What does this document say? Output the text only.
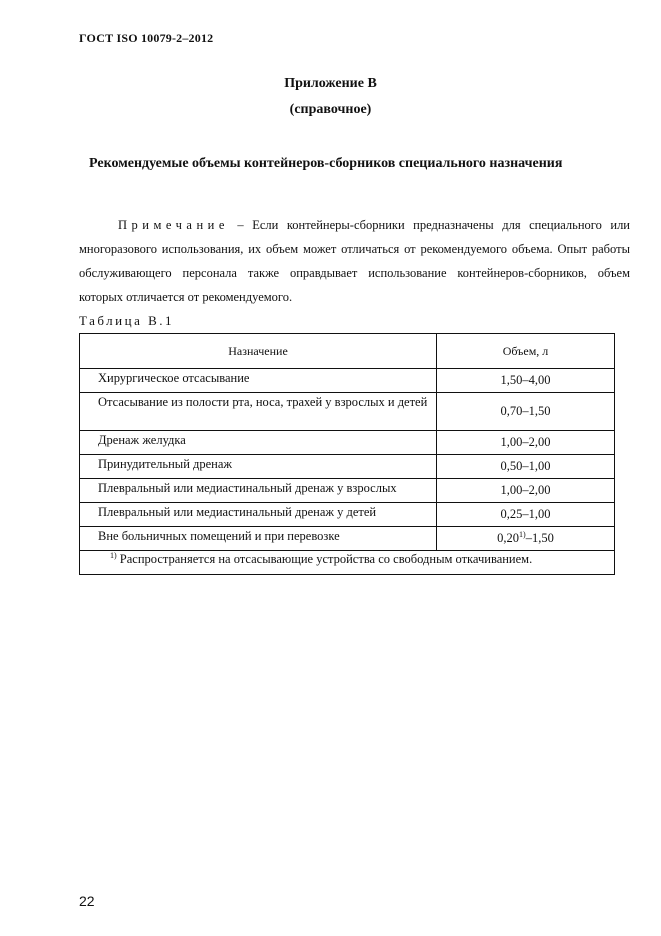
ГОСТ ISO 10079-2–2012
Приложение В
(справочное)
Рекомендуемые объемы контейнеров-сборников специального назначения
Примечание – Если контейнеры-сборники предназначены для специального или многоразового использования, их объем может отличаться от рекомендуемого объема. Опыт работы обслуживающего персонала также оправдывает использование контейнеров-сборников, объем которых отличается от рекомендуемого.
Таблица В.1
Назначение	Объем, л
Хирургическое отсасывание	1,50–4,00
Отсасывание из полости рта, носа, трахей у взрослых и детей	0,70–1,50
Дренаж желудка	1,00–2,00
Принудительный дренаж	0,50–1,00
Плевральный или медиастинальный дренаж у взрослых	1,00–2,00
Плевральный или медиастинальный дренаж у детей	0,25–1,00
Вне больничных помещений и при перевозке	0,20$^{1)}$–1,50
$^{1)}$ Распространяется на отсасывающие устройства со свободным откачиванием.	
22
